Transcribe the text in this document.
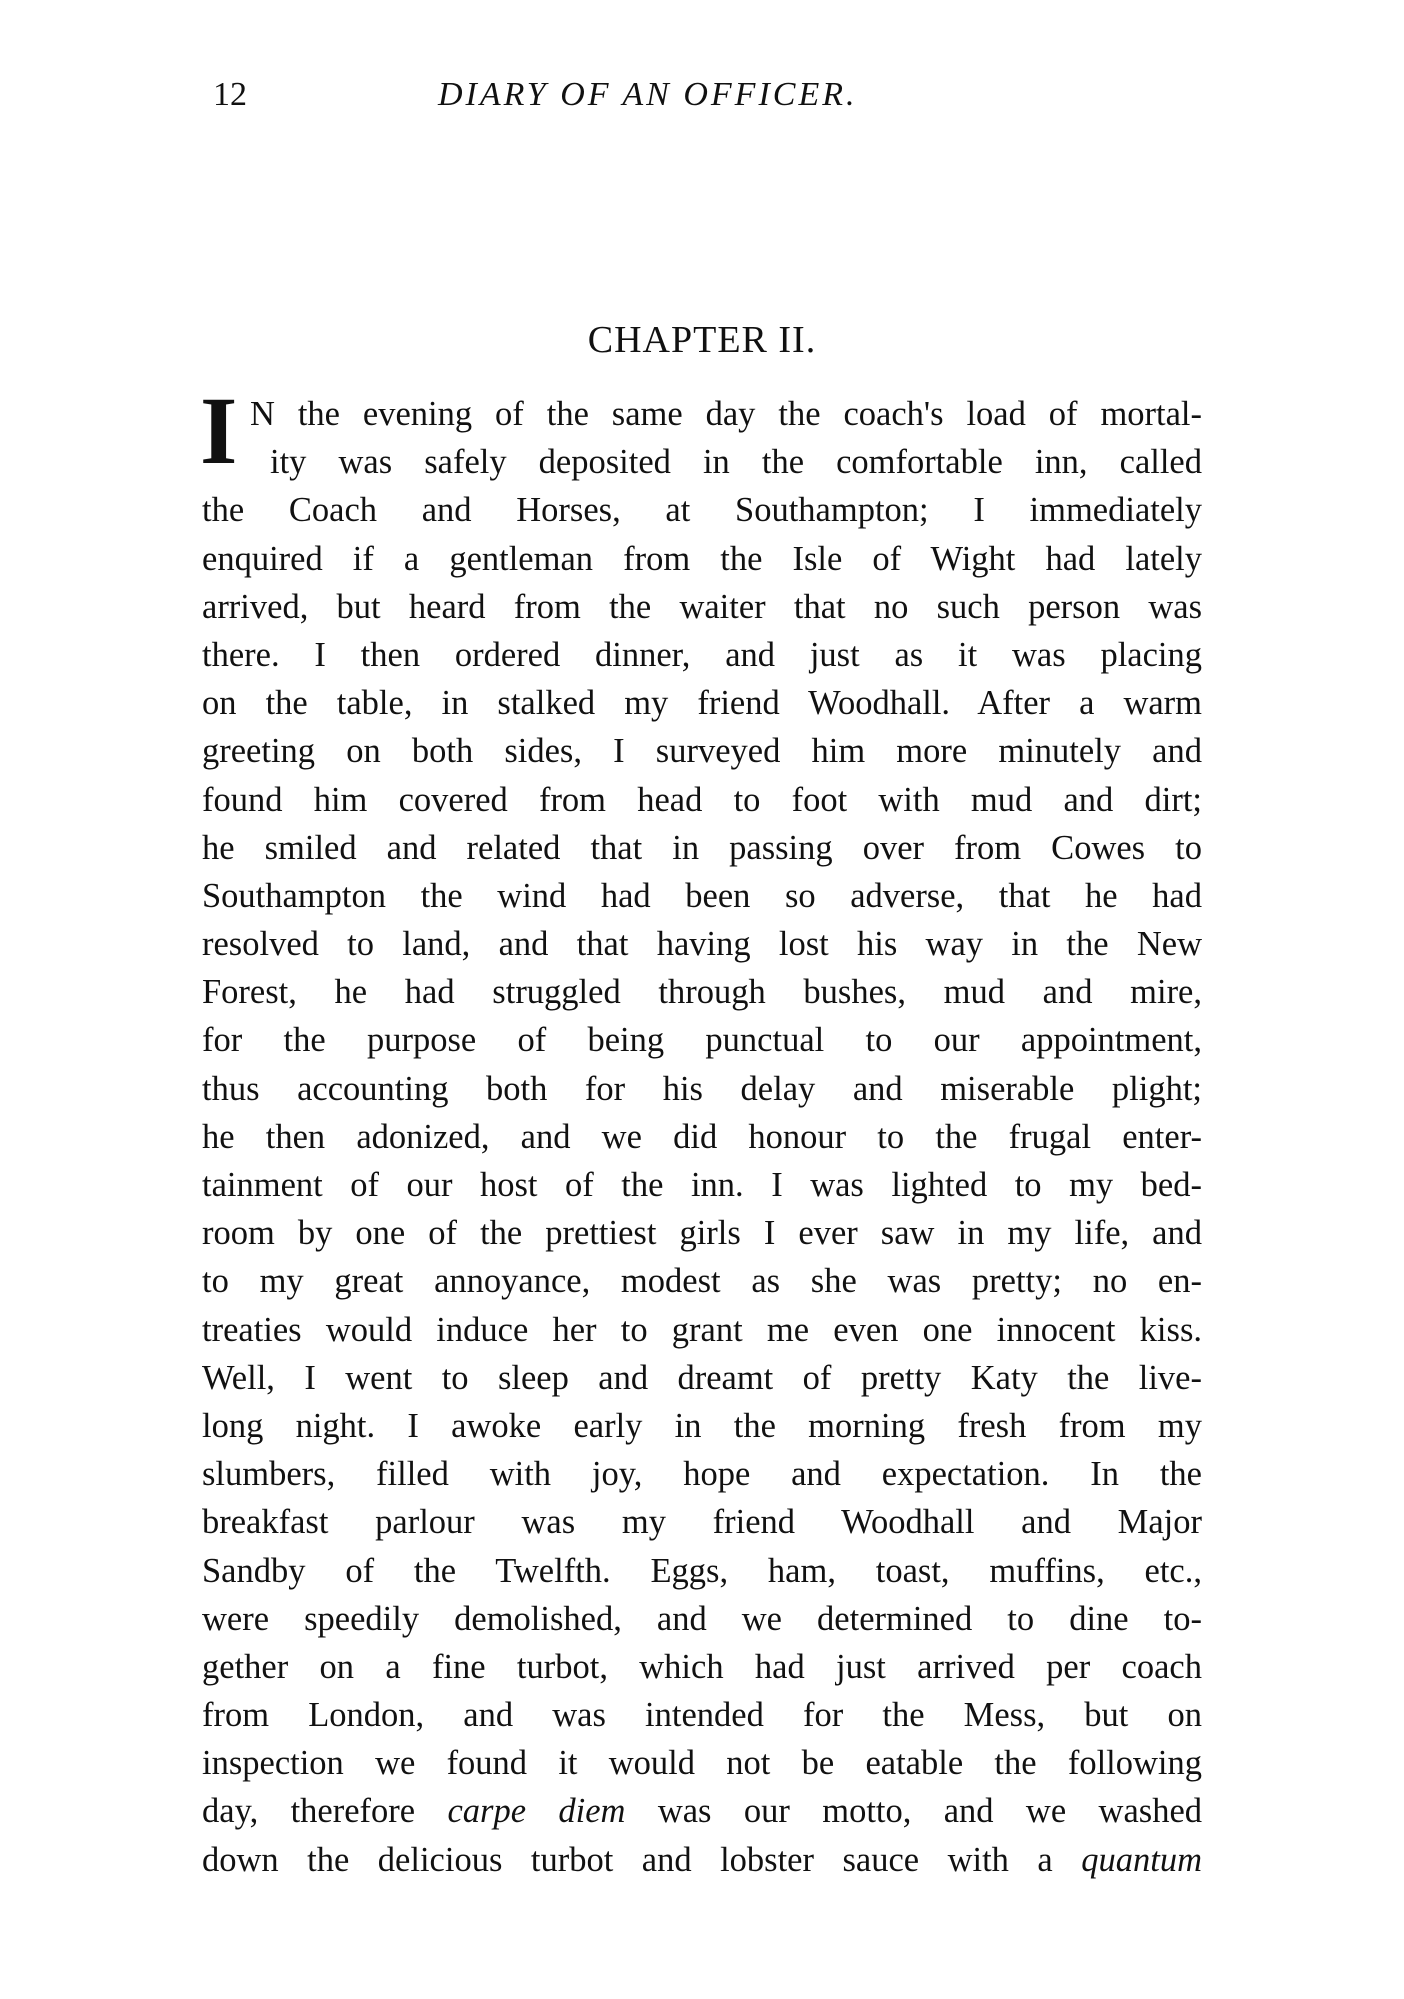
12	DIARY OF AN OFFICER.
CHAPTER II.
I N the evening of the same day the coach's load of mortal-
ity was safely deposited in the comfortable inn, called
the Coach and Horses, at Southampton; I immediately
enquired if a gentleman from the Isle of Wight had lately
arrived, but heard from the waiter that no such person was
there. I then ordered dinner, and just as it was placing
on the table, in stalked my friend Woodhall. After a warm
greeting on both sides, I surveyed him more minutely and
found him covered from head to foot with mud and dirt;
he smiled and related that in passing over from Cowes to
Southampton the wind had been so adverse, that he had
resolved to land, and that having lost his way in the New
Forest, he had struggled through bushes, mud and mire,
for the purpose of being punctual to our appointment,
thus accounting both for his delay and miserable plight;
he then adonized, and we did honour to the frugal enter-
tainment of our host of the inn. I was lighted to my bed-
room by one of the prettiest girls I ever saw in my life, and
to my great annoyance, modest as she was pretty; no en-
treaties would induce her to grant me even one innocent kiss.
Well, I went to sleep and dreamt of pretty Katy the live-
long night. I awoke early in the morning fresh from my
slumbers, filled with joy, hope and expectation. In the
breakfast parlour was my friend Woodhall and Major
Sandby of the Twelfth. Eggs, ham, toast, muffins, etc.,
were speedily demolished, and we determined to dine to-
gether on a fine turbot, which had just arrived per coach
from London, and was intended for the Mess, but on
inspection we found it would not be eatable the following
day, therefore carpe diem was our motto, and we washed
down the delicious turbot and lobster sauce with a quantum
